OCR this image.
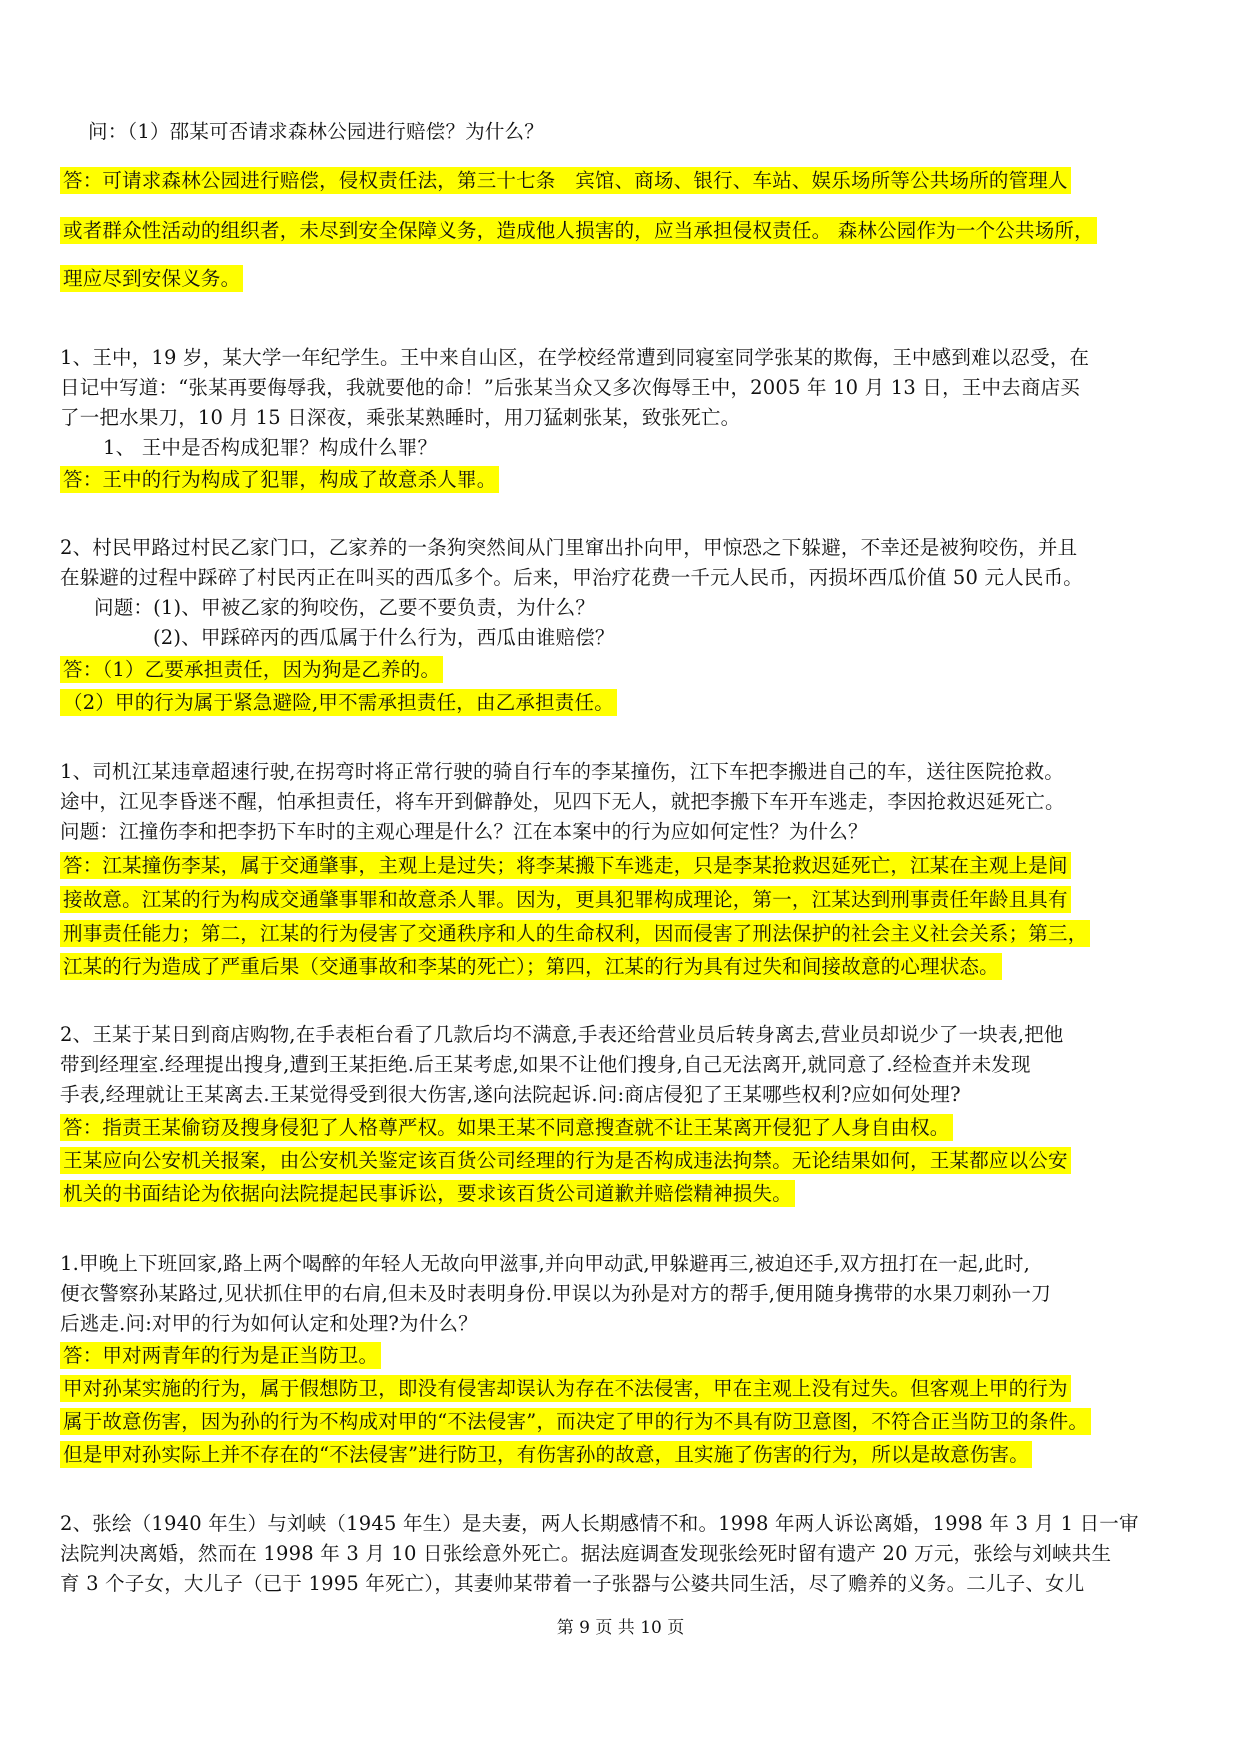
问：（1）邵某可否请求森林公园进行赔偿？为什么？
答：可请求森林公园进行赔偿，侵权责任法，第三十七条　宾馆、商场、银行、车站、娱乐场所等公共场所的管理人
或者群众性活动的组织者，未尽到安全保障义务，造成他人损害的，应当承担侵权责任。 森林公园作为一个公共场所，
理应尽到安保义务。
1、王中，19 岁，某大学一年纪学生。王中来自山区，在学校经常遭到同寝室同学张某的欺侮，王中感到难以忍受，在
日记中写道：“张某再要侮辱我，我就要他的命！”后张某当众又多次侮辱王中，2005 年 10 月 13 日，王中去商店买
了一把水果刀，10 月 15 日深夜，乘张某熟睡时，用刀猛刺张某，致张死亡。
1、 王中是否构成犯罪？构成什么罪？
答：王中的行为构成了犯罪，构成了故意杀人罪。
2、村民甲路过村民乙家门口，乙家养的一条狗突然间从门里窜出扑向甲，甲惊恐之下躲避，不幸还是被狗咬伤，并且
在躲避的过程中踩碎了村民丙正在叫买的西瓜多个。后来，甲治疗花费一千元人民币，丙损坏西瓜价值 50 元人民币。
问题：(1)、甲被乙家的狗咬伤，乙要不要负责，为什么？
(2)、甲踩碎丙的西瓜属于什么行为，西瓜由谁赔偿？
答：（1）乙要承担责任，因为狗是乙养的。
（2）甲的行为属于紧急避险,甲不需承担责任，由乙承担责任。
1、司机江某违章超速行驶,在拐弯时将正常行驶的骑自行车的李某撞伤，江下车把李搬进自己的车，送往医院抢救。
途中，江见李昏迷不醒，怕承担责任，将车开到僻静处，见四下无人，就把李搬下车开车逃走，李因抢救迟延死亡。
问题：江撞伤李和把李扔下车时的主观心理是什么？江在本案中的行为应如何定性？为什么？
答：江某撞伤李某，属于交通肇事，主观上是过失；将李某搬下车逃走，只是李某抢救迟延死亡，江某在主观上是间
接故意。江某的行为构成交通肇事罪和故意杀人罪。因为，更具犯罪构成理论，第一，江某达到刑事责任年龄且具有
刑事责任能力；第二，江某的行为侵害了交通秩序和人的生命权利，因而侵害了刑法保护的社会主义社会关系；第三，
江某的行为造成了严重后果（交通事故和李某的死亡）；第四，江某的行为具有过失和间接故意的心理状态。
2、王某于某日到商店购物,在手表柜台看了几款后均不满意,手表还给营业员后转身离去,营业员却说少了一块表,把他
带到经理室.经理提出搜身,遭到王某拒绝.后王某考虑,如果不让他们搜身,自己无法离开,就同意了.经检查并未发现
手表,经理就让王某离去.王某觉得受到很大伤害,遂向法院起诉.问:商店侵犯了王某哪些权利?应如何处理?
答：指责王某偷窃及搜身侵犯了人格尊严权。如果王某不同意搜查就不让王某离开侵犯了人身自由权。
王某应向公安机关报案，由公安机关鉴定该百货公司经理的行为是否构成违法拘禁。无论结果如何，王某都应以公安
机关的书面结论为依据向法院提起民事诉讼，要求该百货公司道歉并赔偿精神损失。
1.甲晚上下班回家,路上两个喝醉的年轻人无故向甲滋事,并向甲动武,甲躲避再三,被迫还手,双方扭打在一起,此时,
便衣警察孙某路过,见状抓住甲的右肩,但未及时表明身份.甲误以为孙是对方的帮手,便用随身携带的水果刀刺孙一刀
后逃走.问:对甲的行为如何认定和处理?为什么？
答：甲对两青年的行为是正当防卫。
甲对孙某实施的行为，属于假想防卫，即没有侵害却误认为存在不法侵害，甲在主观上没有过失。但客观上甲的行为
属于故意伤害，因为孙的行为不构成对甲的“不法侵害”，而决定了甲的行为不具有防卫意图，不符合正当防卫的条件。
但是甲对孙实际上并不存在的“不法侵害”进行防卫，有伤害孙的故意，且实施了伤害的行为，所以是故意伤害。
2、张绘（1940 年生）与刘峡（1945 年生）是夫妻，两人长期感情不和。1998 年两人诉讼离婚，1998 年 3 月 1 日一审
法院判决离婚，然而在 1998 年 3 月 10 日张绘意外死亡。据法庭调查发现张绘死时留有遗产 20 万元，张绘与刘峡共生
育 3 个子女，大儿子（已于 1995 年死亡），其妻帅某带着一子张器与公婆共同生活，尽了赡养的义务。二儿子、女儿
第 9 页 共 10 页
